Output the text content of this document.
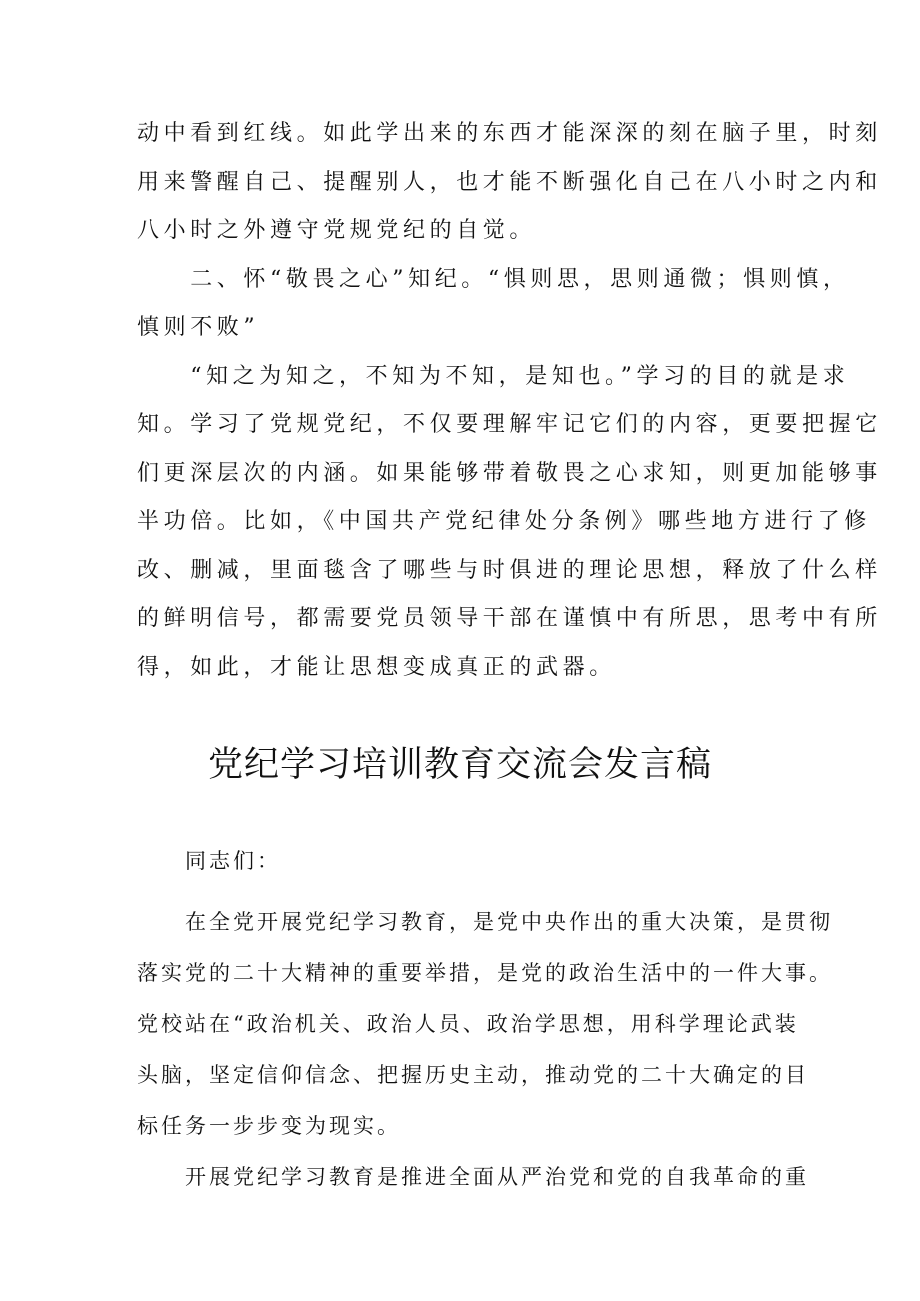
动中看到红线。如此学出来的东西才能深深的刻在脑子里，时刻
用来警醒自己、提醒别人，也才能不断强化自己在八小时之内和
八小时之外遵守党规党纪的自觉。
　　二、怀“敬畏之心”知纪。“惧则思，思则通微；惧则慎，
慎则不败”
　　“知之为知之，不知为不知，是知也。”学习的目的就是求
知。学习了党规党纪，不仅要理解牢记它们的内容，更要把握它
们更深层次的内涵。如果能够带着敬畏之心求知，则更加能够事
半功倍。比如，《中国共产党纪律处分条例》哪些地方进行了修
改、删减，里面毯含了哪些与时俱进的理论思想，释放了什么样
的鲜明信号，都需要党员领导干部在谨慎中有所思，思考中有所
得，如此，才能让思想变成真正的武器。
党纪学习培训教育交流会发言稿
　　同志们：
　　在全党开展党纪学习教育，是党中央作出的重大决策，是贯彻
落实党的二十大精神的重要举措，是党的政治生活中的一件大事。
党校站在“政治机关、政治人员、政治学思想，用科学理论武装
头脑，坚定信仰信念、把握历史主动，推动党的二十大确定的目
标任务一步步变为现实。
　　开展党纪学习教育是推进全面从严治党和党的自我革命的重
